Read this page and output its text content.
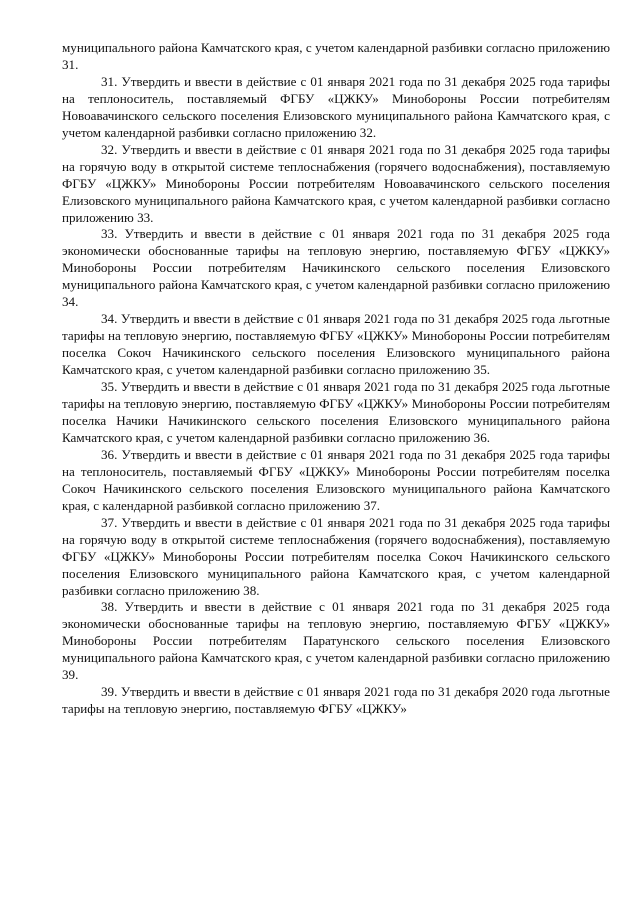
муниципального района Камчатского края, с учетом календарной разбивки согласно приложению 31.

31. Утвердить и ввести в действие с 01 января 2021 года по 31 декабря 2025 года тарифы на теплоноситель, поставляемый ФГБУ «ЦЖКУ» Минобороны России потребителям Новоавачинского сельского поселения Елизовского муниципального района Камчатского края, с учетом календарной разбивки согласно приложению 32.

32. Утвердить и ввести в действие с 01 января 2021 года по 31 декабря 2025 года тарифы на горячую воду в открытой системе теплоснабжения (горячего водоснабжения), поставляемую ФГБУ «ЦЖКУ» Минобороны России потребителям Новоавачинского сельского поселения Елизовского муниципального района Камчатского края, с учетом календарной разбивки согласно приложению 33.

33. Утвердить и ввести в действие с 01 января 2021 года по 31 декабря 2025 года экономически обоснованные тарифы на тепловую энергию, поставляемую ФГБУ «ЦЖКУ» Минобороны России потребителям Начикинского сельского поселения Елизовского муниципального района Камчатского края, с учетом календарной разбивки согласно приложению 34.

34. Утвердить и ввести в действие с 01 января 2021 года по 31 декабря 2025 года льготные тарифы на тепловую энергию, поставляемую ФГБУ «ЦЖКУ» Минобороны России потребителям поселка Сокоч Начикинского сельского поселения Елизовского муниципального района Камчатского края, с учетом календарной разбивки согласно приложению 35.

35. Утвердить и ввести в действие с 01 января 2021 года по 31 декабря 2025 года льготные тарифы на тепловую энергию, поставляемую ФГБУ «ЦЖКУ» Минобороны России потребителям поселка Начики Начикинского сельского поселения Елизовского муниципального района Камчатского края, с учетом календарной разбивки согласно приложению 36.

36. Утвердить и ввести в действие с 01 января 2021 года по 31 декабря 2025 года тарифы на теплоноситель, поставляемый ФГБУ «ЦЖКУ» Минобороны России потребителям поселка Сокоч Начикинского сельского поселения Елизовского муниципального района Камчатского края, с календарной разбивкой согласно приложению 37.

37. Утвердить и ввести в действие с 01 января 2021 года по 31 декабря 2025 года тарифы на горячую воду в открытой системе теплоснабжения (горячего водоснабжения), поставляемую ФГБУ «ЦЖКУ» Минобороны России потребителям поселка Сокоч Начикинского сельского поселения Елизовского муниципального района Камчатского края, с учетом календарной разбивки согласно приложению 38.

38. Утвердить и ввести в действие с 01 января 2021 года по 31 декабря 2025 года экономически обоснованные тарифы на тепловую энергию, поставляемую ФГБУ «ЦЖКУ» Минобороны России потребителям Паратунского сельского поселения Елизовского муниципального района Камчатского края, с учетом календарной разбивки согласно приложению 39.

39. Утвердить и ввести в действие с 01 января 2021 года по 31 декабря 2020 года льготные тарифы на тепловую энергию, поставляемую ФГБУ «ЦЖКУ»
